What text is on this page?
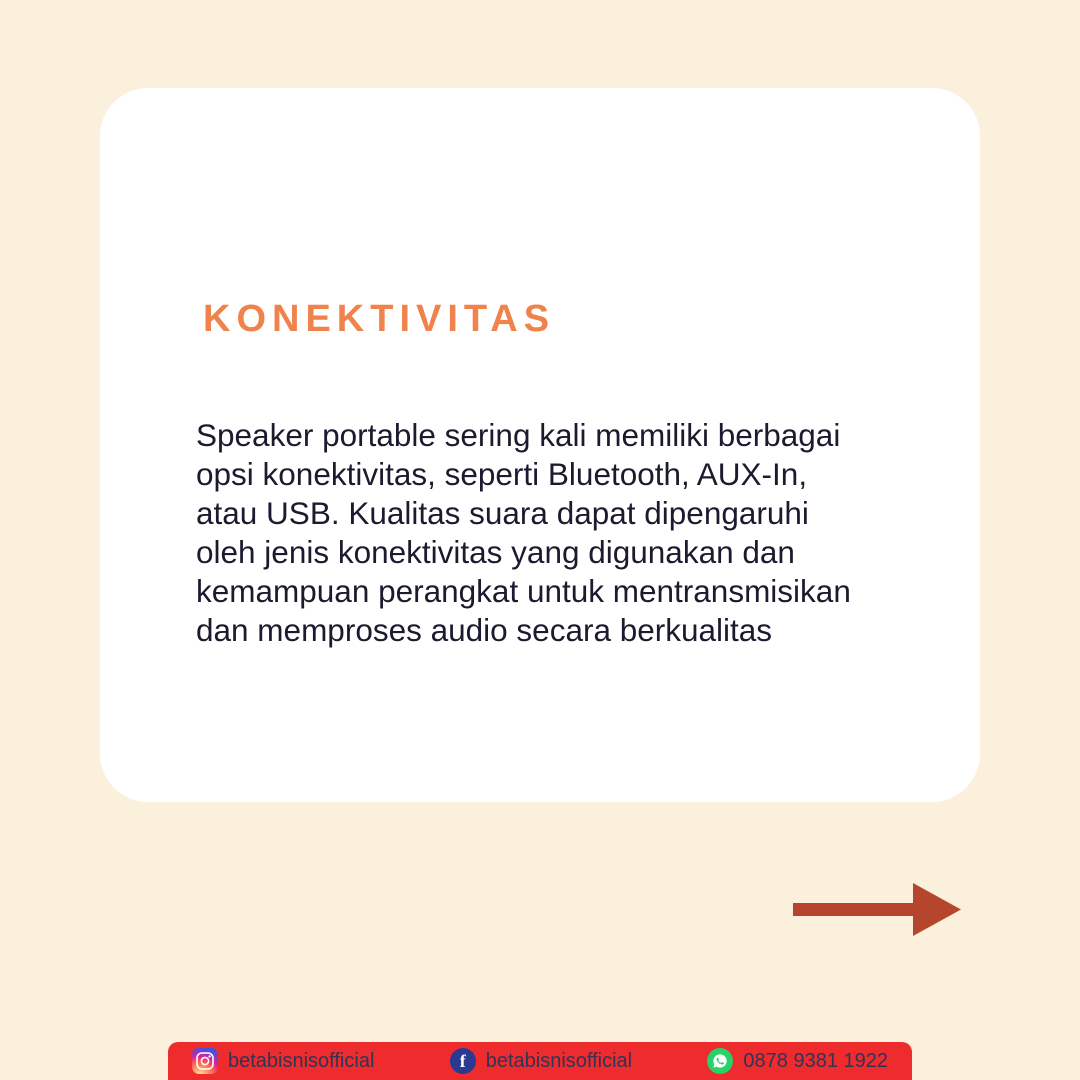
KONEKTIVITAS

Speaker portable sering kali memiliki berbagai opsi konektivitas, seperti Bluetooth, AUX-In, atau USB. Kualitas suara dapat dipengaruhi oleh jenis konektivitas yang digunakan dan kemampuan perangkat untuk mentransmisikan dan memproses audio secara berkualitas

betabisnisofficial	f	betabisnisofficial	0878 9381 1922
